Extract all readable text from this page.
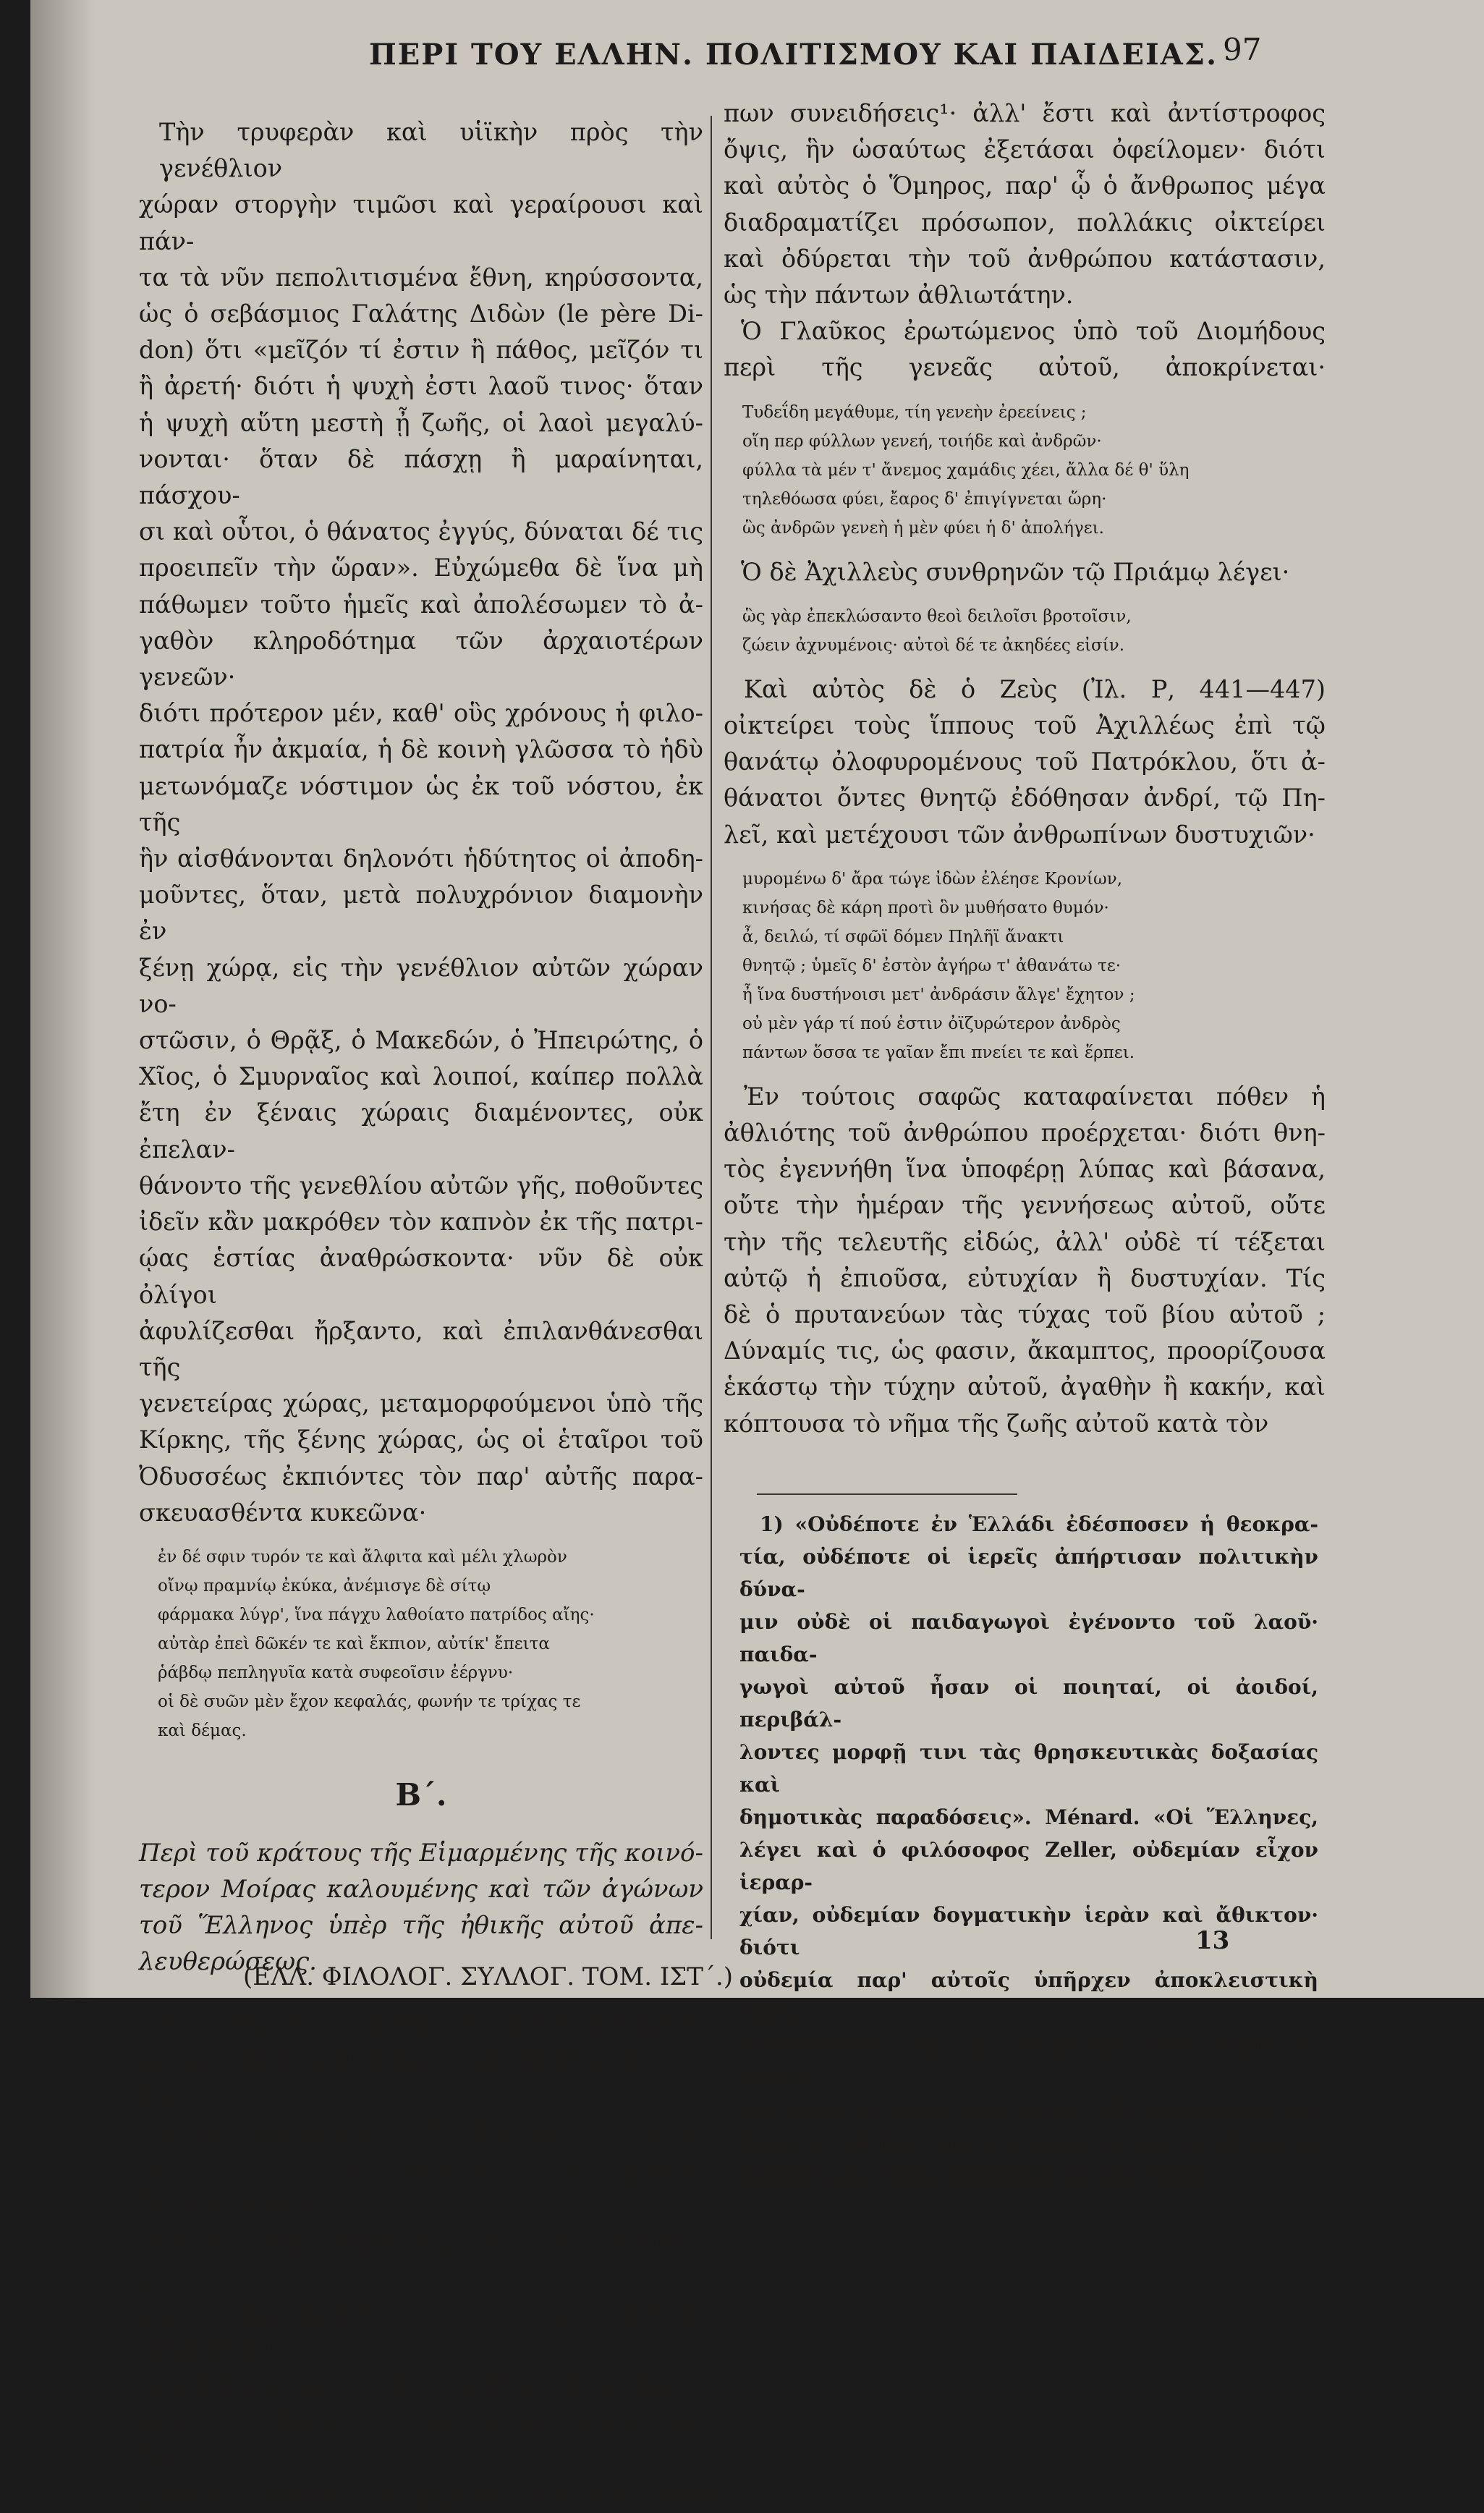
ΠΕΡΙ ΤΟΥ ΕΛΛΗΝ. ΠΟΛΙΤΙΣΜΟΥ ΚΑΙ ΠΑΙΔΕΙΑΣ. 97
Τὴν τρυφερὰν καὶ υἱϊκὴν πρὸς τὴν γενέθλιον
χώραν στοργὴν τιμῶσι καὶ γεραίρουσι καὶ πάν-
τα τὰ νῦν πεπολιτισμένα ἔθνη, κηρύσσοντα,
ὡς ὁ σεβάσμιος Γαλάτης Διδὼν (le père Di-
don) ὅτι «μεῖζόν τί ἐστιν ἢ πάθος, μεῖζόν τι
ἢ ἀρετή· διότι ἡ ψυχὴ ἐστι λαοῦ τινος· ὅταν
ἡ ψυχὴ αὕτη μεστὴ ᾖ ζωῆς, οἱ λαοὶ μεγαλύ-
νονται· ὅταν δὲ πάσχῃ ἢ μαραίνηται, πάσχου-
σι καὶ οὗτοι, ὁ θάνατος ἐγγύς, δύναται δέ τις
προειπεῖν τὴν ὥραν». Εὐχώμεθα δὲ ἵνα μὴ
πάθωμεν τοῦτο ἡμεῖς καὶ ἀπολέσωμεν τὸ ἀ-
γαθὸν κληροδότημα τῶν ἀρχαιοτέρων γενεῶν·
διότι πρότερον μέν, καθ' οὓς χρόνους ἡ φιλο-
πατρία ἦν ἀκμαία, ἡ δὲ κοινὴ γλῶσσα τὸ ἡδὺ
μετωνόμαζε νόστιμον ὡς ἐκ τοῦ νόστου, ἐκ τῆς
ἣν αἰσθάνονται δηλονότι ἡδύτητος οἱ ἀποδη-
μοῦντες, ὅταν, μετὰ πολυχρόνιον διαμονὴν ἐν
ξένῃ χώρᾳ, εἰς τὴν γενέθλιον αὐτῶν χώραν νο-
στῶσιν, ὁ Θρᾷξ, ὁ Μακεδών, ὁ Ἠπειρώτης, ὁ
Χῖος, ὁ Σμυρναῖος καὶ λοιποί, καίπερ πολλὰ
ἔτη ἐν ξέναις χώραις διαμένοντες, οὐκ ἐπελαν-
θάνοντο τῆς γενεθλίου αὐτῶν γῆς, ποθοῦντες
ἰδεῖν κἂν μακρόθεν τὸν καπνὸν ἐκ τῆς πατρι-
ῴας ἑστίας ἀναθρώσκοντα· νῦν δὲ οὐκ ὀλίγοι
ἀφυλίζεσθαι ἤρξαντο, καὶ ἐπιλανθάνεσθαι τῆς
γενετείρας χώρας, μεταμορφούμενοι ὑπὸ τῆς
Κίρκης, τῆς ξένης χώρας, ὡς οἱ ἑταῖροι τοῦ
Ὀδυσσέως ἐκπιόντες τὸν παρ' αὐτῆς παρα-
σκευασθέντα κυκεῶνα·
ἐν δέ σφιν τυρόν τε καὶ ἄλφιτα καὶ μέλι χλωρὸν
οἴνῳ πραμνίῳ ἐκύκα, ἀνέμισγε δὲ σίτῳ
φάρμακα λύγρ', ἵνα πάγχυ λαθοίατο πατρίδος αἴης·
αὐτὰρ ἐπεὶ δῶκέν τε καὶ ἔκπιον, αὐτίκ' ἔπειτα
ῥάβδῳ πεπληγυῖα κατὰ συφεοῖσιν ἐέργνυ·
οἱ δὲ συῶν μὲν ἔχον κεφαλάς, φωνήν τε τρίχας τε
καὶ δέμας.
Β΄.
Περὶ τοῦ κράτους τῆς Εἱμαρμένης τῆς κοινό-
τερον Μοίρας καλουμένης καὶ τῶν ἀγώνων
τοῦ Ἕλληνος ὑπὲρ τῆς ἠθικῆς αὐτοῦ ἀπε-
λευθερώσεως.
§ 11. Μέχρις ἐνταῦθα τὴν καλὴν τῶν πραγ-
μάτων ὄψιν ἐξητάσαμεν ἀνευρόντες ὅτι τὸ κρά-
τος τοῦ ἀνθρώπου ἐν Ἑλλάδι φαίνεται μέγα
οὔτε ὑπὸ τῆς φύσεως τῆς χώρας δεσποζόμενον
οὔτε ὑπὸ τῆς θρησκείας, ἥτις οὔτε δόγματα εἶ-
χεν ἀμετακίνητα οὔτε λειτουργοὺς μεγασθενεῖς,
οἷοι ἦσαν οἱ ἱερεῖς τῆς Αἰγύπτου καὶ οἱ Βραχ-
μᾶνες, ἐπιβάλλοντες τὰς ἀρχὰς αὐτῶν ὡς δόγ-
ματα καὶ ἄγοντες καὶ φέροντες τὰς τῶν ἀνθρώ-
πων συνειδήσεις¹· ἀλλ' ἔστι καὶ ἀντίστροφος
ὄψις, ἣν ὡσαύτως ἐξετάσαι ὀφείλομεν· διότι
καὶ αὐτὸς ὁ Ὅμηρος, παρ' ᾧ ὁ ἄνθρωπος μέγα
διαδραματίζει πρόσωπον, πολλάκις οἰκτείρει
καὶ ὀδύρεται τὴν τοῦ ἀνθρώπου κατάστασιν,
ὡς τὴν πάντων ἀθλιωτάτην.
Ὁ Γλαῦκος ἐρωτώμενος ὑπὸ τοῦ Διομήδους
περὶ τῆς γενεᾶς αὐτοῦ, ἀποκρίνεται·
Τυδεΐδη μεγάθυμε, τίη γενεὴν ἐρεείνεις ;
οἵη περ φύλλων γενεή, τοιήδε καὶ ἀνδρῶν·
φύλλα τὰ μέν τ' ἄνεμος χαμάδις χέει, ἄλλα δέ θ' ὕλη
τηλεθόωσα φύει, ἔαρος δ' ἐπιγίγνεται ὥρη·
ὣς ἀνδρῶν γενεὴ ἡ μὲν φύει ἡ δ' ἀπολήγει.
Ὁ δὲ Ἀχιλλεὺς συνθρηνῶν τῷ Πριάμῳ λέγει·
ὣς γὰρ ἐπεκλώσαντο θεοὶ δειλοῖσι βροτοῖσιν,
ζώειν ἀχνυμένοις· αὐτοὶ δέ τε ἀκηδέες εἰσίν.
Καὶ αὐτὸς δὲ ὁ Ζεὺς (Ἰλ. Ρ, 441—447)
οἰκτείρει τοὺς ἵππους τοῦ Ἀχιλλέως ἐπὶ τῷ
θανάτῳ ὀλοφυρομένους τοῦ Πατρόκλου, ὅτι ἀ-
θάνατοι ὄντες θνητῷ ἐδόθησαν ἀνδρί, τῷ Πη-
λεῖ, καὶ μετέχουσι τῶν ἀνθρωπίνων δυστυχιῶν·
μυρομένω δ' ἄρα τώγε ἰδὼν ἐλέησε Κρονίων,
κινήσας δὲ κάρη προτὶ ὃν μυθήσατο θυμόν·
ἆ, δειλώ, τί σφῶϊ δόμεν Πηλῆϊ ἄνακτι
θνητῷ ; ὑμεῖς δ' ἐστὸν ἀγήρω τ' ἀθανάτω τε·
ἦ ἵνα δυστήνοισι μετ' ἀνδράσιν ἄλγε' ἔχητον ;
οὐ μὲν γάρ τί πού ἐστιν ὀϊζυρώτερον ἀνδρὸς
πάντων ὅσσα τε γαῖαν ἔπι πνείει τε καὶ ἕρπει.
Ἐν τούτοις σαφῶς καταφαίνεται πόθεν ἡ
ἀθλιότης τοῦ ἀνθρώπου προέρχεται· διότι θνη-
τὸς ἐγεννήθη ἵνα ὑποφέρῃ λύπας καὶ βάσανα,
οὔτε τὴν ἡμέραν τῆς γεννήσεως αὐτοῦ, οὔτε
τὴν τῆς τελευτῆς εἰδώς, ἀλλ' οὐδὲ τί τέξεται
αὐτῷ ἡ ἐπιοῦσα, εὐτυχίαν ἢ δυστυχίαν. Τίς
δὲ ὁ πρυτανεύων τὰς τύχας τοῦ βίου αὐτοῦ ;
Δύναμίς τις, ὡς φασιν, ἄκαμπτος, προορίζουσα
ἑκάστῳ τὴν τύχην αὐτοῦ, ἀγαθὴν ἢ κακήν, καὶ
κόπτουσα τὸ νῆμα τῆς ζωῆς αὐτοῦ κατὰ τὸν
1) «Οὐδέποτε ἐν Ἑλλάδι ἐδέσποσεν ἡ θεοκρα-
τία, οὐδέποτε οἱ ἱερεῖς ἀπήρτισαν πολιτικὴν δύνα-
μιν οὐδὲ οἱ παιδαγωγοὶ ἐγένοντο τοῦ λαοῦ· παιδα-
γωγοὶ αὐτοῦ ἦσαν οἱ ποιηταί, οἱ ἀοιδοί, περιβάλ-
λοντες μορφῇ τινι τὰς θρησκευτικὰς δοξασίας καὶ
δημοτικὰς παραδόσεις». Ménard. «Οἱ Ἕλληνες,
λέγει καὶ ὁ φιλόσοφος Zeller, οὐδεμίαν εἶχον ἱεραρ-
χίαν, οὐδεμίαν δογματικὴν ἱερὰν καὶ ἄθικτον· διότι
οὐδεμία παρ' αὐτοῖς ὑπῆρχεν ἀποκλειστικὴ τάξις
διευθύνουσα τὰ τῆς λατρείας τῶν θεῶν· οἱ ἱερεῖς
οὐκ ἦσαν οἱ μόνοι μεσῖται μεταξὺ ἀνθρώπων καὶ
θεοῦ, ἀλλὰ πᾶς τις, καὶ πᾶσα κοινότης ἠδύνατο
θυσίας καὶ εὐχὰς προσφέρειν τοῖς θεοῖς».
13
(ΕΛΛ. ΦΙΛΟΛΟΓ. ΣΥΛΛΟΓ. ΤΟΜ. ΙΣΤ΄.)
